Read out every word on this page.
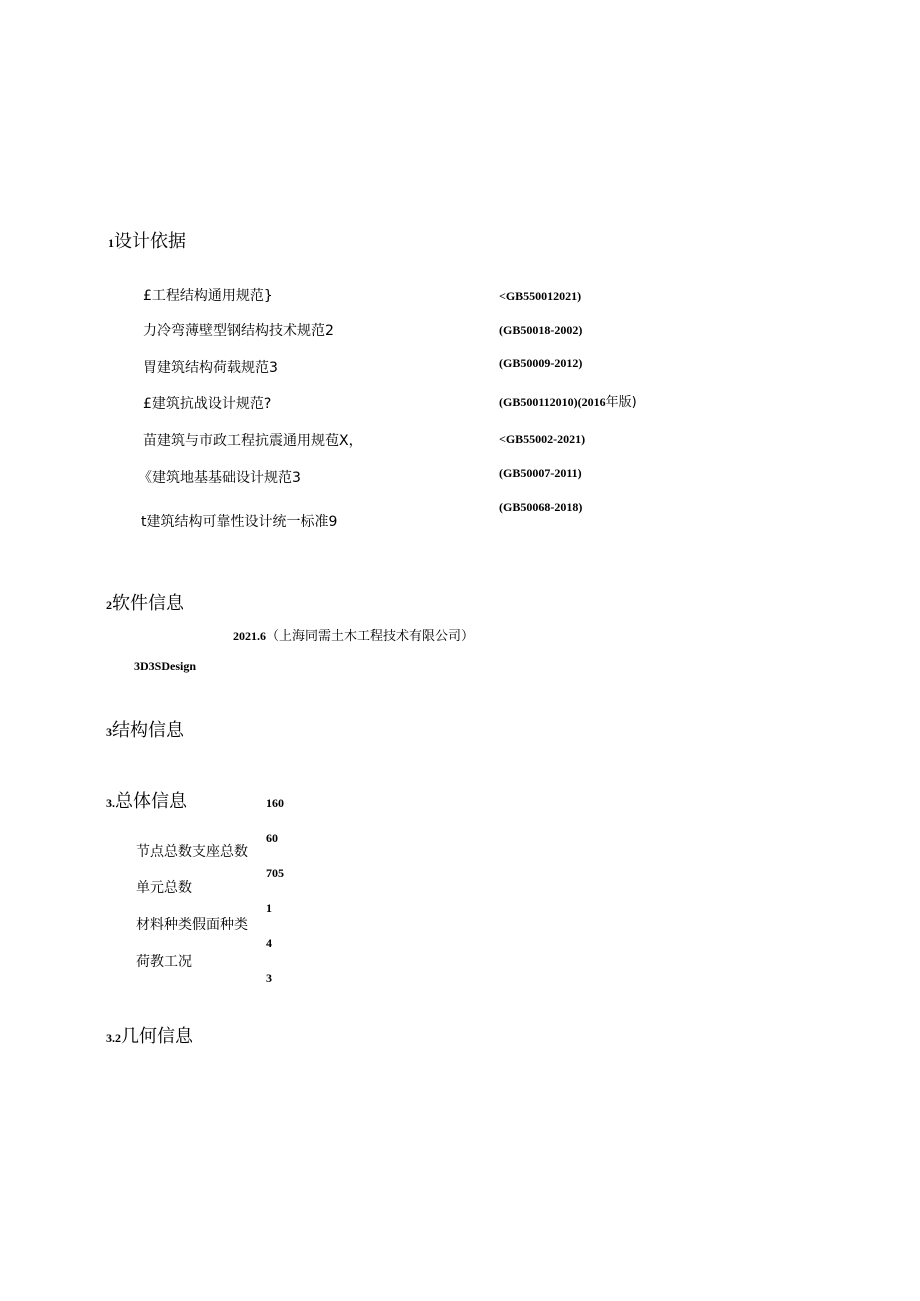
1设计依据
£工程结构通用规范}
力冷弯薄壁型钢结构技术规范2
胃建筑结构荷载规范3
£建筑抗战设计规范?
苗建筑与市政工程抗震通用规苞X，
《建筑地基基础设计规范3
t建筑结构可靠性设计统一标准9
<GB550012021)
(GB50018-2002)
(GB50009-2012)
(GB500112010)(2016年版)
<GB55002-2021)
(GB50007-2011)
(GB50068-2018)
2软件信息
2021.6（上海同需土木工程技术有限公司）
3D3SDesign
3结构信息
3.总体信息
节点总数支座总数
单元总数
材料种类假面种类
荷教工况
160
60
705
1
4
3
3.2几何信息
